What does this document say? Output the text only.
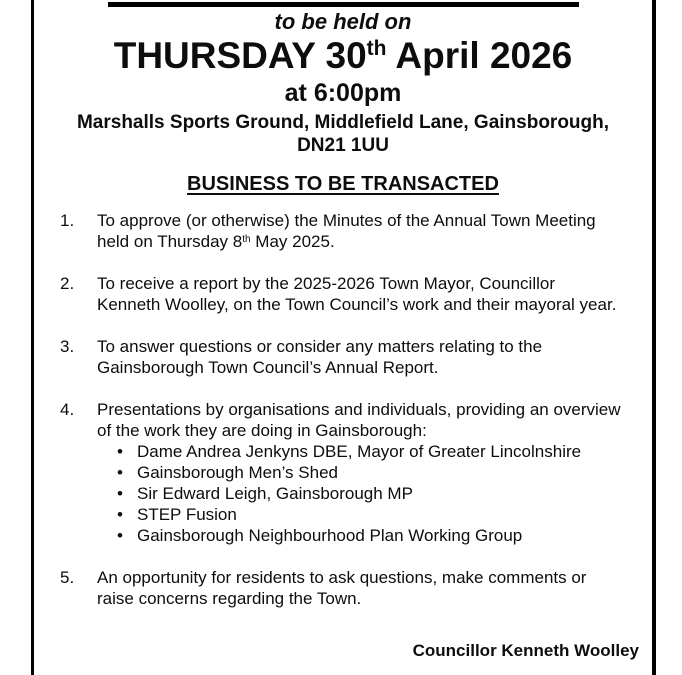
to be held on
THURSDAY 30th April 2026
at 6:00pm
Marshalls Sports Ground, Middlefield Lane, Gainsborough,
DN21 1UU
BUSINESS TO BE TRANSACTED
1.	To approve (or otherwise) the Minutes of the Annual Town Meeting held on Thursday 8th May 2025.
2.	To receive a report by the 2025-2026 Town Mayor, Councillor Kenneth Woolley, on the Town Council’s work and their mayoral year.
3.	To answer questions or consider any matters relating to the Gainsborough Town Council’s Annual Report.
4.	Presentations by organisations and individuals, providing an overview of the work they are doing in Gainsborough:
• Dame Andrea Jenkyns DBE, Mayor of Greater Lincolnshire
• Gainsborough Men’s Shed
• Sir Edward Leigh, Gainsborough MP
• STEP Fusion
• Gainsborough Neighbourhood Plan Working Group
5.	An opportunity for residents to ask questions, make comments or raise concerns regarding the Town.
Councillor Kenneth Woolley
